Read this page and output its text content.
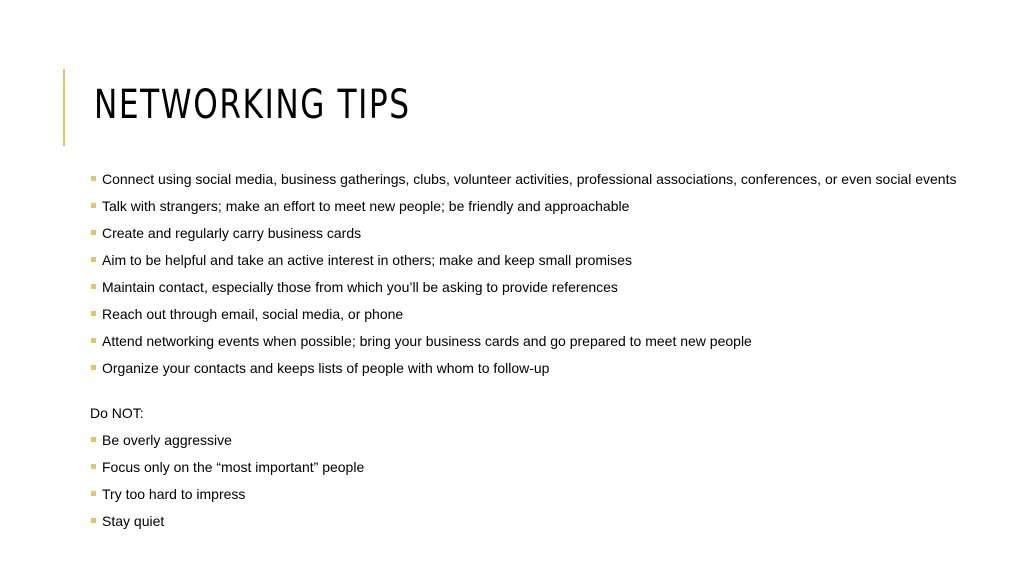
NETWORKING TIPS
Connect using social media, business gatherings, clubs, volunteer activities, professional associations, conferences, or even social events
Talk with strangers; make an effort to meet new people; be friendly and approachable
Create and regularly carry business cards
Aim to be helpful and take an active interest in others; make and keep small promises
Maintain contact, especially those from which you’ll be asking to provide references
Reach out through email, social media, or phone
Attend networking events when possible; bring your business cards and go prepared to meet new people
Organize your contacts and keeps lists of people with whom to follow-up
Do NOT:
Be overly aggressive
Focus only on the “most important” people
Try too hard to impress
Stay quiet
